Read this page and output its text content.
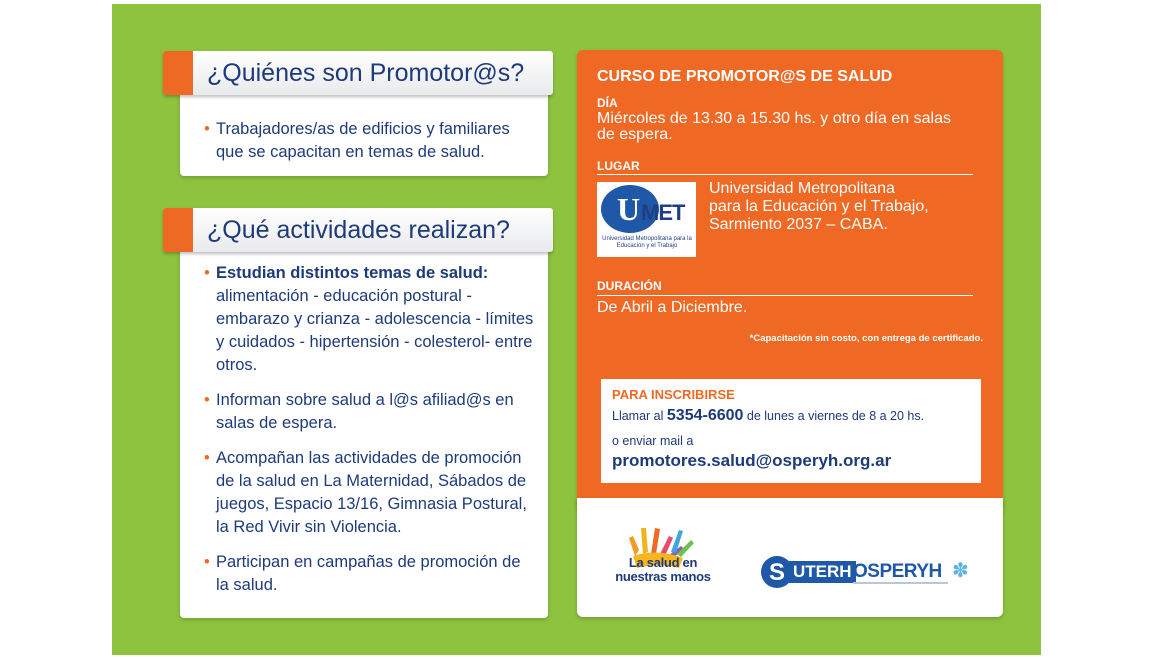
• Trabajadores/as de edificios y familiares que se capacitan en temas de salud.
¿Quiénes son Promotor@s?
• Estudian distintos temas de salud:
alimentación - educación postural - embarazo y crianza - adolescencia - límites y cuidados - hipertensión - colesterol- entre otros.
• Informan sobre salud a l@s afiliad@s en salas de espera.
• Acompañan las actividades de promoción de la salud en La Maternidad, Sábados de juegos, Espacio 13/16, Gimnasia Postural, la Red Vivir sin Violencia.
• Participan en campañas de promoción de la salud.
¿Qué actividades realizan?
CURSO DE PROMOTOR@S DE SALUD
DÍA
Miércoles de 13.30 a 15.30 hs. y otro día en salas de espera.
LUGAR
U MET
Universidad Metropolitana para la Educación y el Trabajo
Universidad Metropolitana
para la Educación y el Trabajo,
Sarmiento 2037 – CABA.
DURACIÓN
De Abril a Diciembre.
*Capacitación sin costo, con entrega de certificado.
PARA INSCRIBIRSE
Llamar al 5354-6600 de lunes a viernes de 8 a 20 hs.
o enviar mail a
promotores.salud@osperyh.org.ar
La salud en nuestras manos S UTERH OSPERYH ✽
